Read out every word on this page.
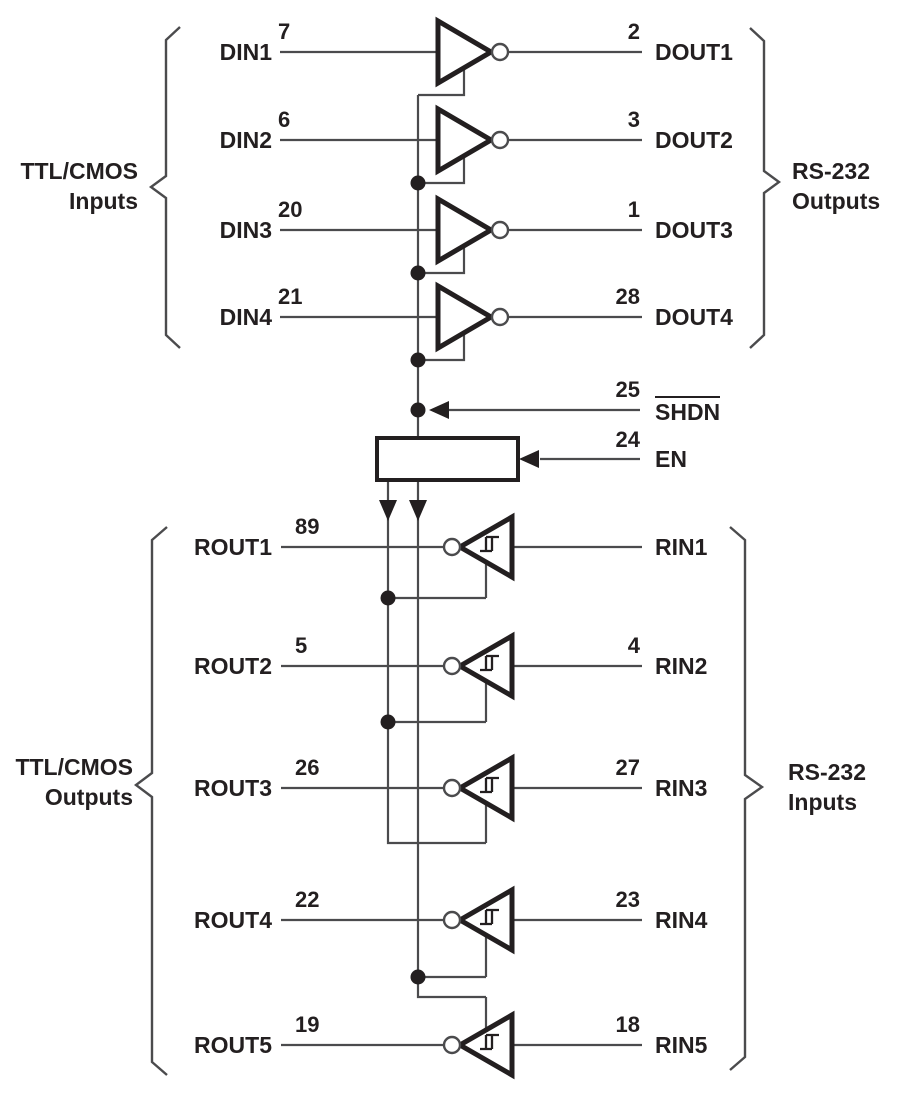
TTL/CMOS
Inputs
RS-232
Outputs
TTL/CMOS
Outputs
RS-232
Inputs
DIN1
7	2
DOUT1
DIN2
6	3
DOUT2
DIN3
20	1
DOUT3
DIN4
21	28
DOUT4
25
SHDN
24
EN
ROUT1
89
RIN1
ROUT2
5	4
RIN2
ROUT3
26	27
RIN3
ROUT4
22	23
RIN4
ROUT5
19	18
RIN5
